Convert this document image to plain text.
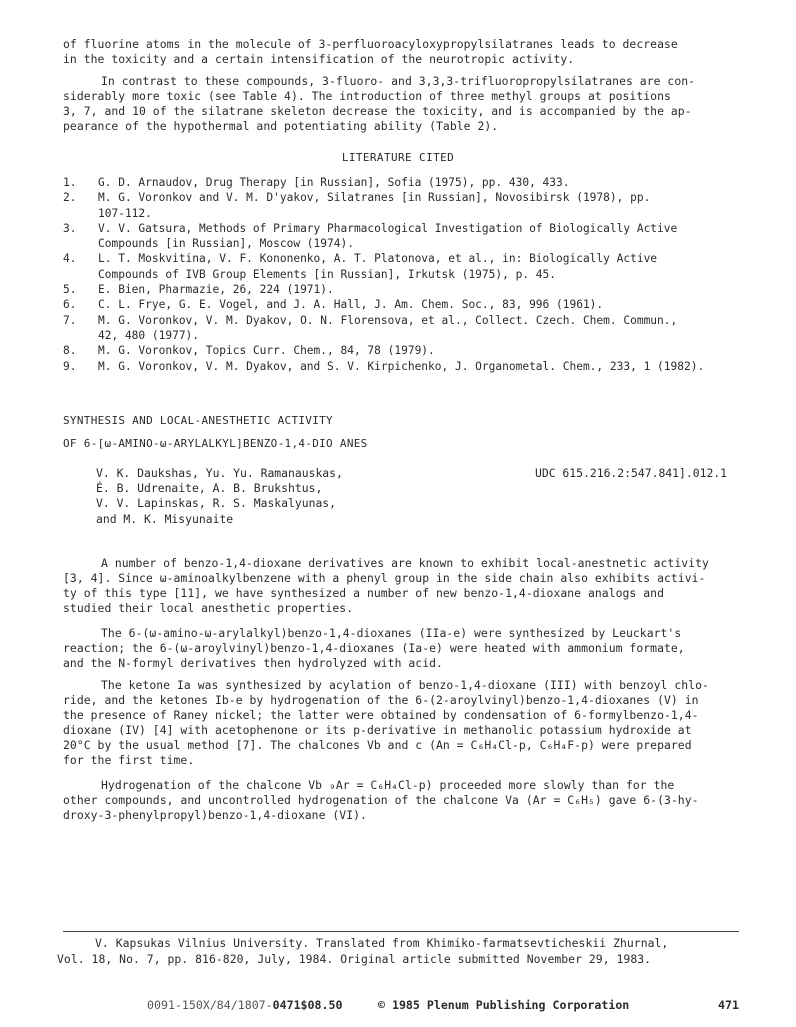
of fluorine atoms in the molecule of 3-perfluoroacyloxypropylsilatranes leads to decrease
in the toxicity and a certain intensification of the neurotropic activity.

In contrast to these compounds, 3-fluoro- and 3,3,3-trifluoropropylsilatranes are con-
siderably more toxic (see Table 4). The introduction of three methyl groups at positions
3, 7, and 10 of the silatrane skeleton decrease the toxicity, and is accompanied by the ap-
pearance of the hypothermal and potentiating ability (Table 2).

LITERATURE CITED
1.	G. D. Arnaudov, Drug Therapy [in Russian], Sofia (1975), pp. 430, 433.
2.	M. G. Voronkov and V. M. D'yakov, Silatranes [in Russian], Novosibirsk (1978), pp.
107-112.
3.	V. V. Gatsura, Methods of Primary Pharmacological Investigation of Biologically Active
Compounds [in Russian], Moscow (1974).
4.	L. T. Moskvitina, V. F. Kononenko, A. T. Platonova, et al., in: Biologically Active
Compounds of IVB Group Elements [in Russian], Irkutsk (1975), p. 45.
5.	E. Bien, Pharmazie, 26, 224 (1971).
6.	C. L. Frye, G. E. Vogel, and J. A. Hall, J. Am. Chem. Soc., 83, 996 (1961).
7.	M. G. Voronkov, V. M. Dyakov, O. N. Florensova, et al., Collect. Czech. Chem. Commun.,
42, 480 (1977).
8.	M. G. Voronkov, Topics Curr. Chem., 84, 78 (1979).
9.	M. G. Voronkov, V. M. Dyakov, and S. V. Kirpichenko, J. Organometal. Chem., 233, 1 (1982).
SYNTHESIS AND LOCAL-ANESTHETIC ACTIVITY
OF 6-[ω-AMINO-ω-ARYLALKYL]BENZO-1,4-DIO ANES
V. K. Daukshas, Yu. Yu. Ramanauskas,
É. B. Udrenaite, A. B. Brukshtus,
V. V. Lapinskas, R. S. Maskalyunas,
and M. K. Misyunaite
UDC 615.216.2:547.841].012.1

A number of benzo-1,4-dioxane derivatives are known to exhibit local-anestnetic activity
[3, 4]. Since ω-aminoalkylbenzene with a phenyl group in the side chain also exhibits activi-
ty of this type [11], we have synthesized a number of new benzo-1,4-dioxane analogs and
studied their local anesthetic properties.

The 6-(ω-amino-ω-arylalkyl)benzo-1,4-dioxanes (IIa-e) were synthesized by Leuckart's
reaction; the 6-(ω-aroylvinyl)benzo-1,4-dioxanes (Ia-e) were heated with ammonium formate,
and the N-formyl derivatives then hydrolyzed with acid.

The ketone Ia was synthesized by acylation of benzo-1,4-dioxane (III) with benzoyl chlo-
ride, and the ketones Ib-e by hydrogenation of the 6-(2-aroylvinyl)benzo-1,4-dioxanes (V) in
the presence of Raney nickel; the latter were obtained by condensation of 6-formylbenzo-1,4-
dioxane (IV) [4] with acetophenone or its p-derivative in methanolic potassium hydroxide at
20°C by the usual method [7]. The chalcones Vb and c (An = C₆H₄Cl-p, C₆H₄F-p) were prepared
for the first time.

Hydrogenation of the chalcone Vb ₉Ar = C₆H₄Cl-p) proceeded more slowly than for the
other compounds, and uncontrolled hydrogenation of the chalcone Va (Ar = C₆H₅) gave 6-(3-hy-
droxy-3-phenylpropyl)benzo-1,4-dioxane (VI).

V. Kapsukas Vilnius University. Translated from Khimiko-farmatsevticheskii Zhurnal,
Vol. 18, No. 7, pp. 816-820, July, 1984. Original article submitted November 29, 1983.

0091-150X/84/1807-0471$08.50	© 1985 Plenum Publishing Corporation	471
